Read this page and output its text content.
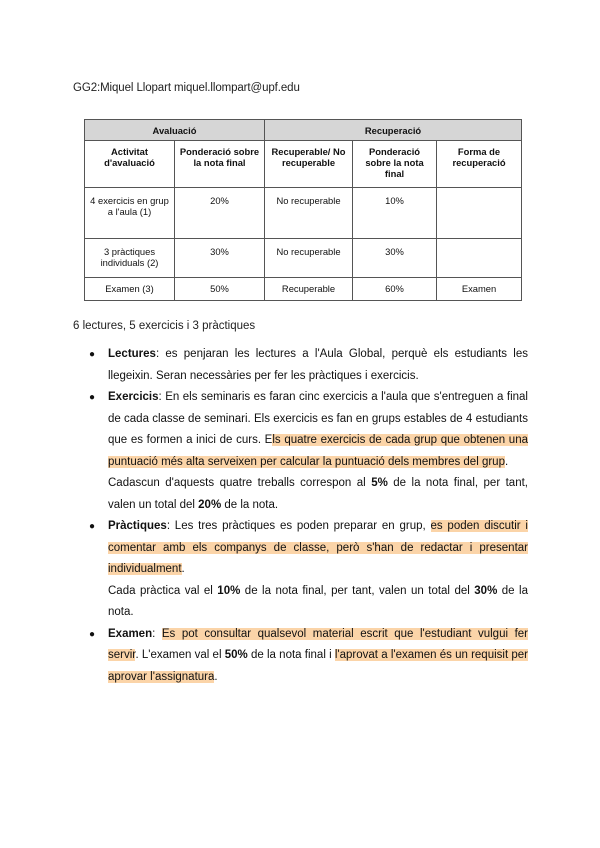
GG2:Miquel Llopart miquel.llompart@upf.edu
Avaluació		Recuperació		
Activitat d'avaluació	Ponderació sobre la nota final	Recuperable/ No recuperable	Ponderació sobre la nota final	Forma de recuperació
4 exercicis en grup a l'aula (1)	20%	No recuperable	10%	
3 pràctiques individuals (2)	30%	No recuperable	30%	
Examen (3)	50%	Recuperable	60%	Examen
6 lectures, 5 exercicis i 3 pràctiques
● Lectures: es penjaran les lectures a l'Aula Global, perquè els estudiants les llegeixin. Seran necessàries per fer les pràctiques i exercicis.
● Exercicis: En els seminaris es faran cinc exercicis a l'aula que s'entreguen a final de cada classe de seminari. Els exercicis es fan en grups estables de 4 estudiants que es formen a inici de curs. Els quatre exercicis de cada grup que obtenen una puntuació més alta serveixen per calcular la puntuació dels membres del grup.

Cadascun d'aquests quatre treballs correspon al 5% de la nota final, per tant, valen un total del 20% de la nota.

● Pràctiques: Les tres pràctiques es poden preparar en grup, es poden discutir i comentar amb els companys de classe, però s'han de redactar i presentar individualment.

Cada pràctica val el 10% de la nota final, per tant, valen un total del 30% de la nota.

● Examen: Es pot consultar qualsevol material escrit que l'estudiant vulgui fer servir. L'examen val el 50% de la nota final i l'aprovat a l'examen és un requisit per aprovar l'assignatura.
